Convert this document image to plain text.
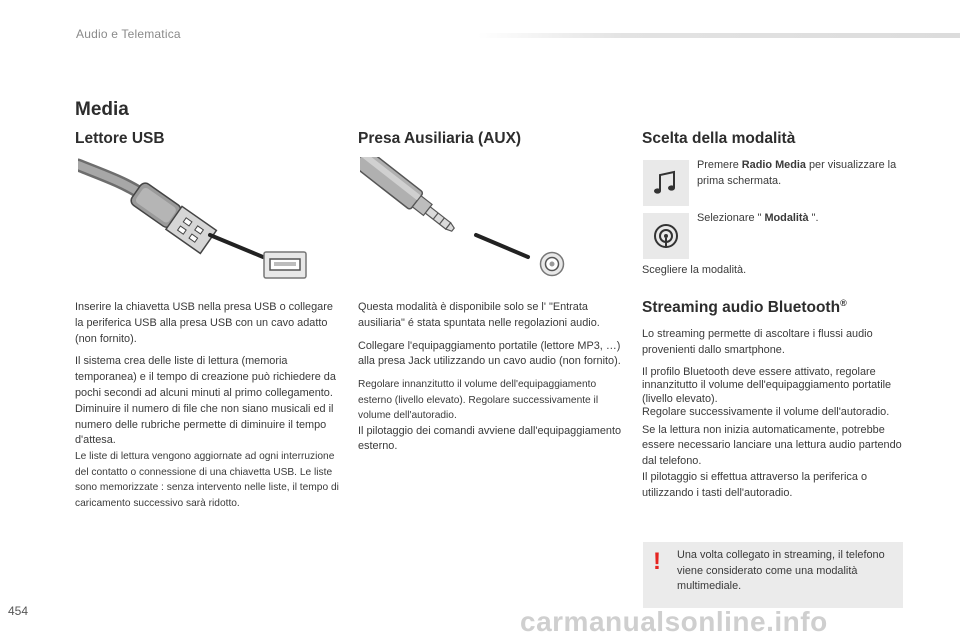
Audio e Telematica
Media
Lettore USB

Inserire la chiavetta USB nella presa USB o collegare la periferica USB alla presa USB con un cavo adatto (non fornito).

Il sistema crea delle liste di lettura (memoria temporanea) e il tempo di creazione può richiedere da pochi secondi ad alcuni minuti al primo collegamento.

Diminuire il numero di file che non siano musicali ed il numero delle rubriche permette di diminuire il tempo d'attesa.

Le liste di lettura vengono aggiornate ad ogni interruzione del contatto o connessione di una chiavetta USB. Le liste sono memorizzate : senza intervento nelle liste, il tempo di caricamento successivo sarà ridotto.

Presa Ausiliaria (AUX)

Questa modalità è disponibile solo se l' "Entrata ausiliaria" é stata spuntata nelle regolazioni audio.

Collegare l'equipaggiamento portatile (lettore MP3, …) alla presa Jack utilizzando un cavo audio (non fornito).

Regolare innanzitutto il volume dell'equipaggiamento esterno (livello elevato). Regolare successivamente il volume dell'autoradio.

Il pilotaggio dei comandi avviene dall'equipaggiamento esterno.

Scelta della modalità
Premere Radio Media per visualizzare la prima schermata.
Selezionare " Modalità ".
Scegliere la modalità.
Streaming audio Bluetooth®

Lo streaming permette di ascoltare i flussi audio provenienti dallo smartphone.

Il profilo Bluetooth deve essere attivato, regolare innanzitutto il volume dell'equipaggiamento portatile (livello elevato).

Regolare successivamente il volume dell'autoradio.

Se la lettura non inizia automaticamente, potrebbe essere necessario lanciare una lettura audio partendo dal telefono.

Il pilotaggio si effettua attraverso la periferica o utilizzando i tasti dell'autoradio.

!	Una volta collegato in streaming, il telefono viene considerato come una modalità multimediale.
454	carmanualsonline.info
